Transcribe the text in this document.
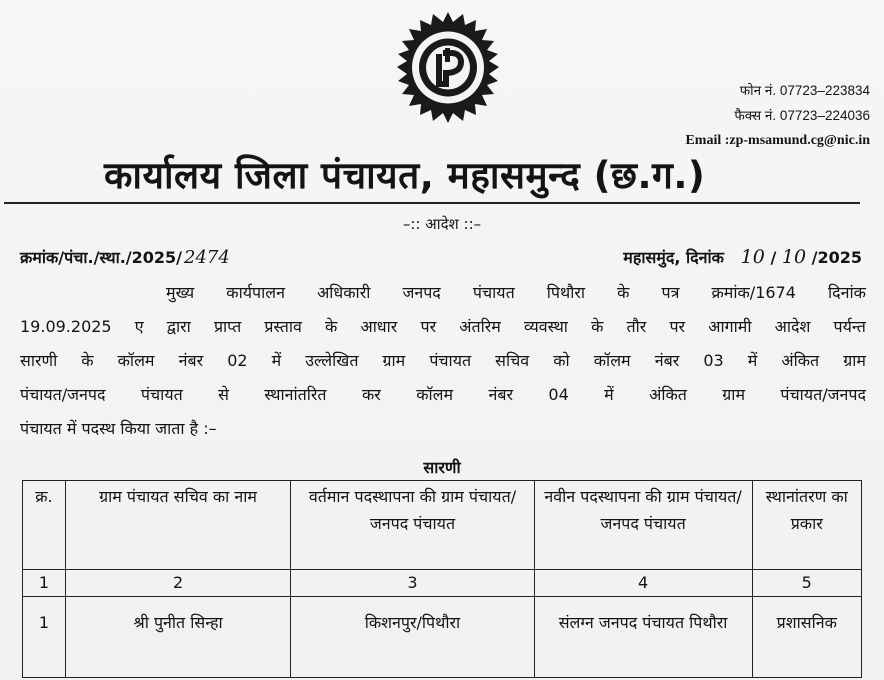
फोन नं. 07723–223834
फैक्स नं. 07723–224036
Email :zp-msamund.cg@nic.in
कार्यालय जिला पंचायत, महासमुन्द (छ.ग.)
–:: आदेश ::–
क्रमांक/पंचा./स्था./2025/ 2474	महासमुंद, दिनांक 10 / 10 /2025
मुख्य कार्यपालन अधिकारी जनपद पंचायत पिथौरा के पत्र क्रमांक/1674 दिनांक
19.09.2025 ए द्वारा प्राप्त प्रस्ताव के आधार पर अंतरिम व्यवस्था के तौर पर आगामी आदेश पर्यन्त
सारणी के कॉलम नंबर 02 में उल्लेखित ग्राम पंचायत सचिव को कॉलम नंबर 03 में अंकित ग्राम
पंचायत/जनपद पंचायत से स्थानांतरित कर कॉलम नंबर 04 में अंकित ग्राम पंचायत/जनपद
पंचायत में पदस्थ किया जाता है :–
सारणी
क्र.	ग्राम पंचायत सचिव का नाम	वर्तमान पदस्थापना की ग्राम पंचायत/जनपद पंचायत	नवीन पदस्थापना की ग्राम पंचायत/जनपद पंचायत	स्थानांतरण का प्रकार
1	2	3	4	5
1	श्री पुनीत सिन्हा	किशनपुर/पिथौरा	संलग्न जनपद पंचायत पिथौरा	प्रशासनिक
